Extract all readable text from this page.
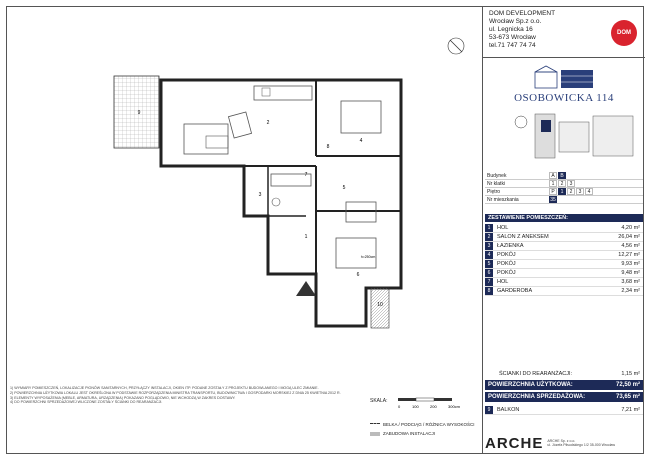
9
2
4
8
7
3
5
1
6
10
h=250cm
1) WYMIARY POMIESZCZEŃ, LOKALIZACJE PIONÓW SANITARNYCH, PRZYŁĄCZY INSTALACJI, OKIEN ITP. PODANE ZOSTAŁY Z PROJEKTU BUDOWLANEGO I MOGĄ ULEC ZMIANIE.
2) POWIERZCHNIA UŻYTKOWA LOKALU JEST OKREŚLONA W PODSTAWIE ROZPORZĄDZENIA MINISTRA TRANSPORTU, BUDOWNICTWA I GOSPODARKI MORSKIEJ Z DNIA 25 KWIETNIA 2012 R.
3) ELEMENTY WYPOSAŻENIA (MEBLE, ARMATURA, URZĄDZENIA) POKAZANO POGLĄDOWO, NIE WCHODZĄ W ZAKRES DOSTAWY.
4) DO POWIERZCHNI SPRZEDAŻOWEJ WLICZONE ZOSTAŁY ŚCIANKI DO REARANŻACJI.	SKALA:
0	100	200	300cm
BELKA / PODCIĄG / RÓŻNICA WYSOKOŚCI
ZABUDOWA INSTALACJI
DOM DEVELOPMENT
Wrocław Sp.z o.o.
ul. Legnicka 16
53-673 Wrocław
tel.71 747 74 74
DOM
OSOBOWICKA 114
Budynek	A	B
Nr klatki	1	2	3
Piętro	P	1	2	3	4
Nr mieszkania	35
ZESTAWIENIE POMIESZCZEŃ:
1	HOL	4,20 m²
2	SALON Z ANEKSEM	26,04 m²
3	ŁAZIENKA	4,56 m²
4	POKÓJ	12,27 m²
5	POKÓJ	9,93 m²
6	POKÓJ	9,48 m²
7	HOL	3,68 m²
8	GARDEROBA	2,34 m²
ŚCIANKI DO REARANŻACJI:	1,15 m²
POWIERZCHNIA UŻYTKOWA:	72,50 m²
POWIERZCHNIA SPRZEDAŻOWA:	73,65 m²
9	BALKON	7,21 m²
ARCHE ARCHE Sp. z o.o.
ul. Józefa Piłsudskiego 1/2 35-000 Wrocław
